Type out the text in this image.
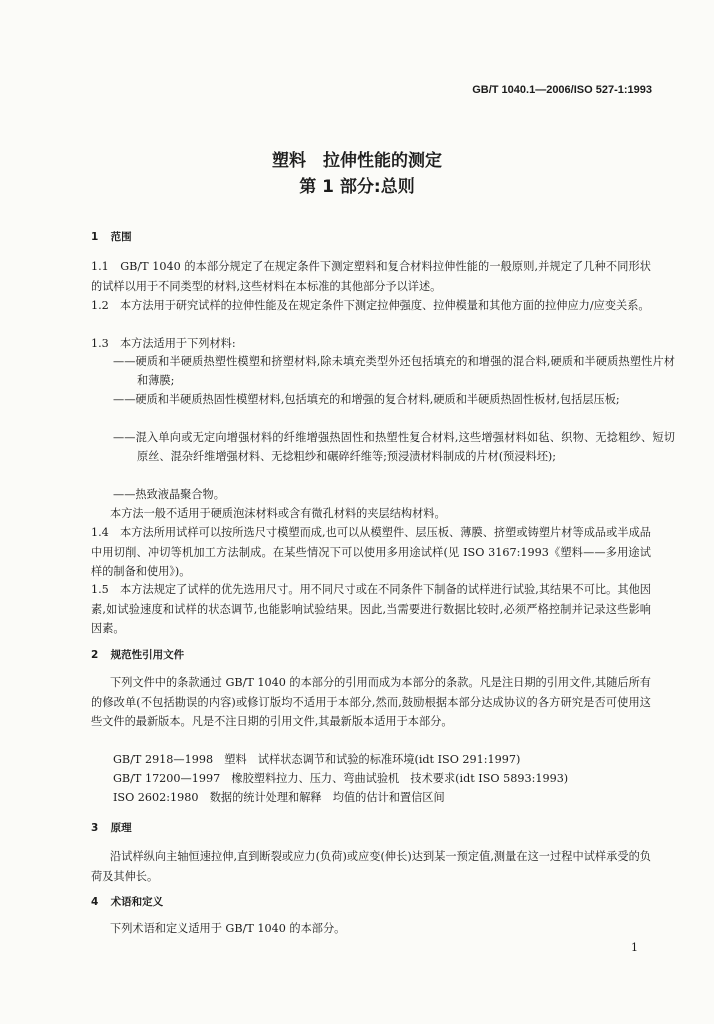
GB/T 1040.1—2006/ISO 527-1:1993
塑料　拉伸性能的测定
第 1 部分:总则
1 范围
1.1　GB/T 1040 的本部分规定了在规定条件下测定塑料和复合材料拉伸性能的一般原则,并规定了几种不同形状的试样以用于不同类型的材料,这些材料在本标准的其他部分予以详述。
1.2　本方法用于研究试样的拉伸性能及在规定条件下测定拉伸强度、拉伸模量和其他方面的拉伸应力/应变关系。
1.3　本方法适用于下列材料:
——硬质和半硬质热塑性模塑和挤塑材料,除未填充类型外还包括填充的和增强的混合料,硬质和半硬质热塑性片材和薄膜;
——硬质和半硬质热固性模塑材料,包括填充的和增强的复合材料,硬质和半硬质热固性板材,包括层压板;
——混入单向或无定向增强材料的纤维增强热固性和热塑性复合材料,这些增强材料如毡、织物、无捻粗纱、短切原丝、混杂纤维增强材料、无捻粗纱和碾碎纤维等;预浸渍材料制成的片材(预浸料坯);
——热致液晶聚合物。
本方法一般不适用于硬质泡沫材料或含有微孔材料的夹层结构材料。
1.4　本方法所用试样可以按所选尺寸模塑而成,也可以从模塑件、层压板、薄膜、挤塑或铸塑片材等成品或半成品中用切削、冲切等机加工方法制成。在某些情况下可以使用多用途试样(见 ISO 3167:1993《塑料——多用途试样的制备和使用》)。
1.5　本方法规定了试样的优先选用尺寸。用不同尺寸或在不同条件下制备的试样进行试验,其结果不可比。其他因素,如试验速度和试样的状态调节,也能影响试验结果。因此,当需要进行数据比较时,必须严格控制并记录这些影响因素。
2 规范性引用文件
下列文件中的条款通过 GB/T 1040 的本部分的引用而成为本部分的条款。凡是注日期的引用文件,其随后所有的修改单(不包括勘误的内容)或修订版均不适用于本部分,然而,鼓励根据本部分达成协议的各方研究是否可使用这些文件的最新版本。凡是不注日期的引用文件,其最新版本适用于本部分。
GB/T 2918—1998　塑料　试样状态调节和试验的标准环境(idt ISO 291:1997)
GB/T 17200—1997　橡胶塑料拉力、压力、弯曲试验机　技术要求(idt ISO 5893:1993)
ISO 2602:1980　数据的统计处理和解释　均值的估计和置信区间
3 原理
沿试样纵向主轴恒速拉伸,直到断裂或应力(负荷)或应变(伸长)达到某一预定值,测量在这一过程中试样承受的负荷及其伸长。
4 术语和定义
下列术语和定义适用于 GB/T 1040 的本部分。
1
